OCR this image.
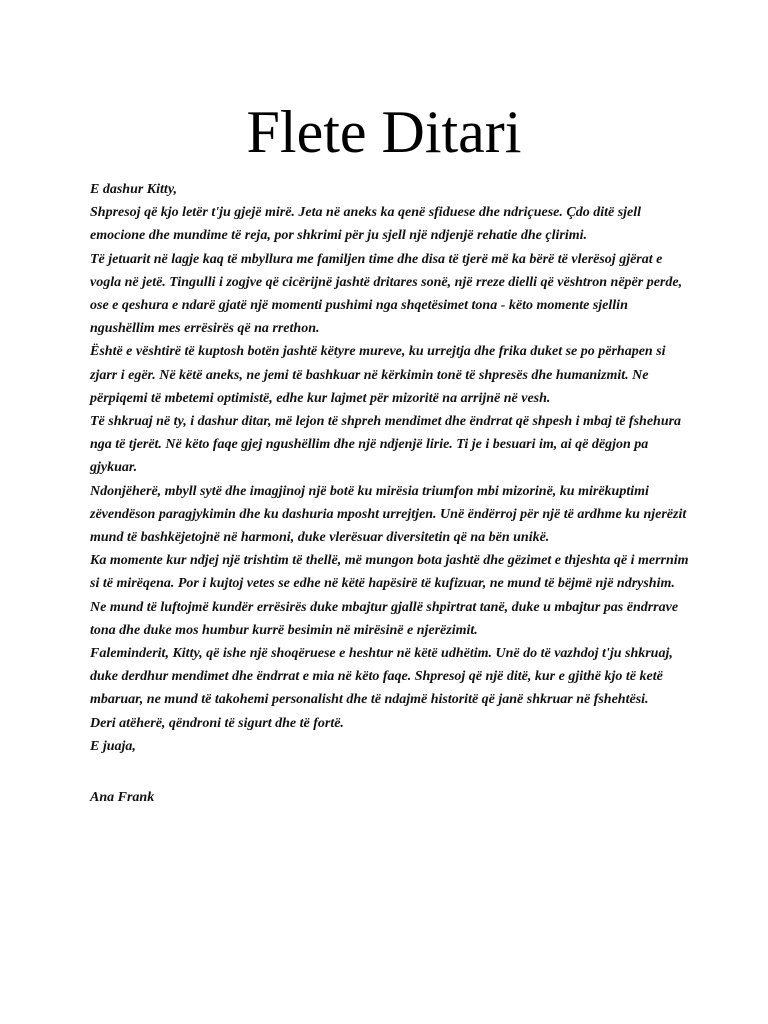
Flete Ditari

E dashur Kitty,

Shpresoj që kjo letër t'ju gjejë mirë. Jeta në aneks ka qenë sfiduese dhe ndriçuese. Çdo ditë sjell emocione dhe mundime të reja, por shkrimi për ju sjell një ndjenjë rehatie dhe çlirimi.

Të jetuarit në lagje kaq të mbyllura me familjen time dhe disa të tjerë më ka bërë të vlerësoj gjërat e vogla në jetë. Tingulli i zogjve që cicërijnë jashtë dritares sonë, një rreze dielli që vështron nëpër perde, ose e qeshura e ndarë gjatë një momenti pushimi nga shqetësimet tona - këto momente sjellin ngushëllim mes errësirës që na rrethon.

Është e vështirë të kuptosh botën jashtë këtyre mureve, ku urrejtja dhe frika duket se po përhapen si zjarr i egër. Në këtë aneks, ne jemi të bashkuar në kërkimin tonë të shpresës dhe humanizmit. Ne përpiqemi të mbetemi optimistë, edhe kur lajmet për mizoritë na arrijnë në vesh.

Të shkruaj në ty, i dashur ditar, më lejon të shpreh mendimet dhe ëndrrat që shpesh i mbaj të fshehura nga të tjerët. Në këto faqe gjej ngushëllim dhe një ndjenjë lirie. Ti je i besuari im, ai që dëgjon pa gjykuar.

Ndonjëherë, mbyll sytë dhe imagjinoj një botë ku mirësia triumfon mbi mizorinë, ku mirëkuptimi zëvendëson paragjykimin dhe ku dashuria mposht urrejtjen. Unë ëndërroj për një të ardhme ku njerëzit mund të bashkëjetojnë në harmoni, duke vlerësuar diversitetin që na bën unikë.

Ka momente kur ndjej një trishtim të thellë, më mungon bota jashtë dhe gëzimet e thjeshta që i merrnim si të mirëqena. Por i kujtoj vetes se edhe në këtë hapësirë të kufizuar, ne mund të bëjmë një ndryshim. Ne mund të luftojmë kundër errësirës duke mbajtur gjallë shpirtrat tanë, duke u mbajtur pas ëndrrave tona dhe duke mos humbur kurrë besimin në mirësinë e njerëzimit.

Faleminderit, Kitty, që ishe një shoqëruese e heshtur në këtë udhëtim. Unë do të vazhdoj t'ju shkruaj, duke derdhur mendimet dhe ëndrrat e mia në këto faqe. Shpresoj që një ditë, kur e gjithë kjo të ketë mbaruar, ne mund të takohemi personalisht dhe të ndajmë historitë që janë shkruar në fshehtësi.

Deri atëherë, qëndroni të sigurt dhe të fortë.

E juaja,

Ana Frank
